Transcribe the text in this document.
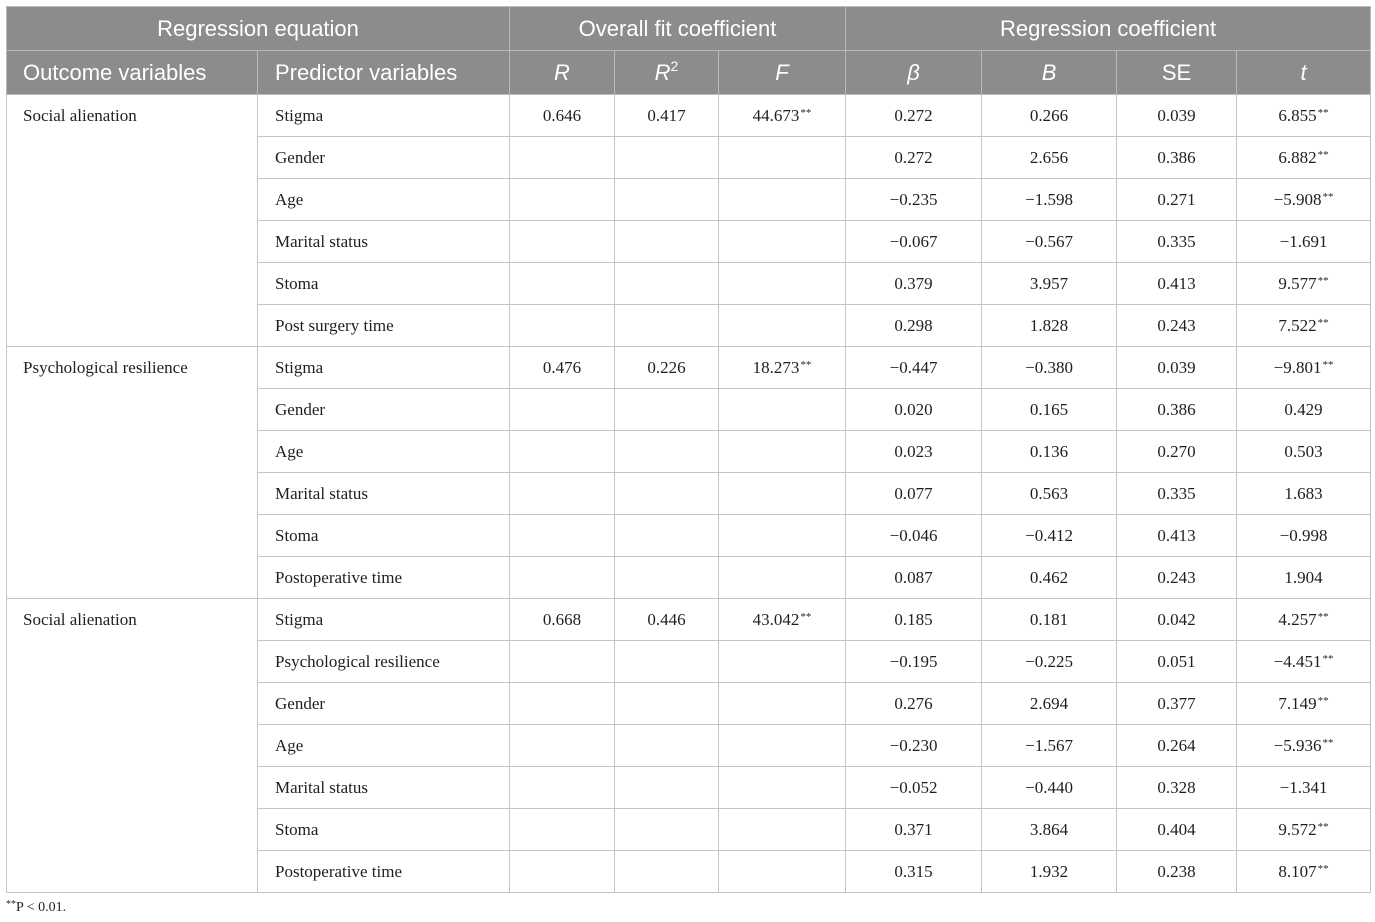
Regression equation		Overall fit coefficient			Regression coefficient			
Outcome variables	Predictor variables	R	$R^2$	F	β	B	SE	t
Social alienation	Stigma	0.646	0.417	44.673**	0.272	0.266	0.039	6.855**
	Gender				0.272	2.656	0.386	6.882**
	Age				−0.235	−1.598	0.271	−5.908**
	Marital status				−0.067	−0.567	0.335	−1.691
	Stoma				0.379	3.957	0.413	9.577**
	Post surgery time				0.298	1.828	0.243	7.522**
Psychological resilience	Stigma	0.476	0.226	18.273**	−0.447	−0.380	0.039	−9.801**
	Gender				0.020	0.165	0.386	0.429
	Age				0.023	0.136	0.270	0.503
	Marital status				0.077	0.563	0.335	1.683
	Stoma				−0.046	−0.412	0.413	−0.998
	Postoperative time				0.087	0.462	0.243	1.904
Social alienation	Stigma	0.668	0.446	43.042**	0.185	0.181	0.042	4.257**
	Psychological resilience				−0.195	−0.225	0.051	−4.451**
	Gender				0.276	2.694	0.377	7.149**
	Age				−0.230	−1.567	0.264	−5.936**
	Marital status				−0.052	−0.440	0.328	−1.341
	Stoma				0.371	3.864	0.404	9.572**
	Postoperative time				0.315	1.932	0.238	8.107**
**P < 0.01.
